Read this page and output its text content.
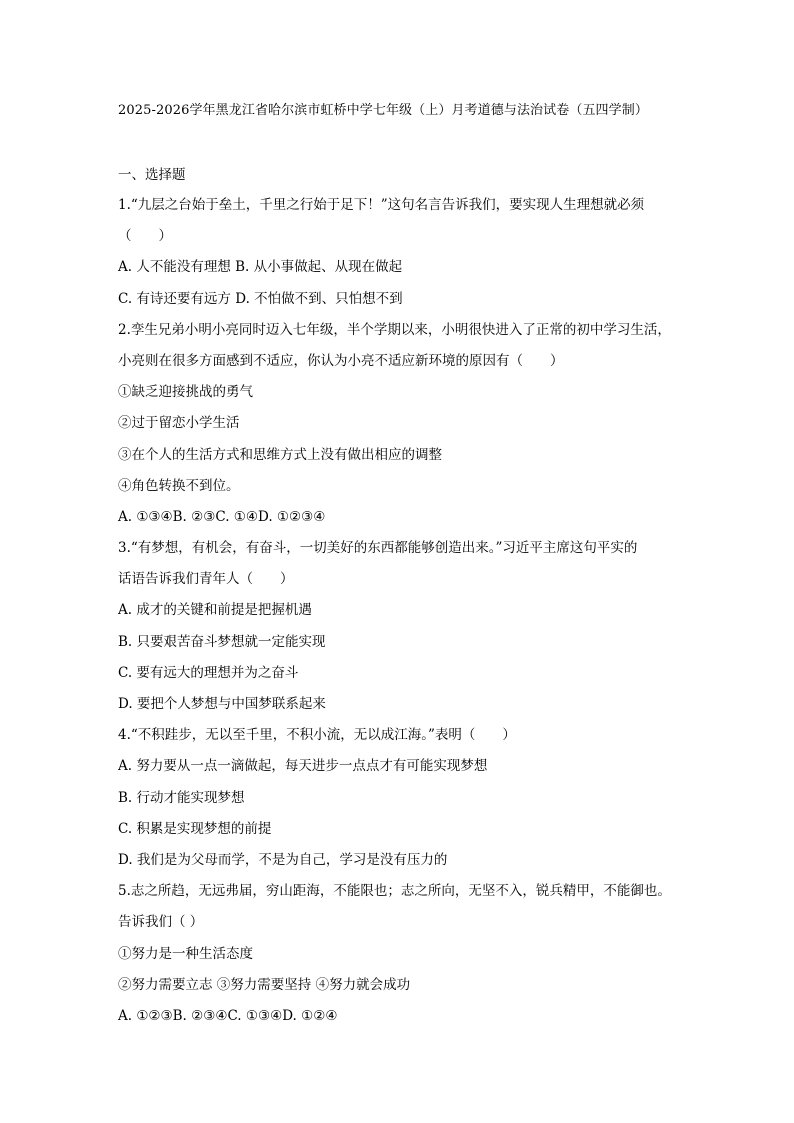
2025-2026学年黑龙江省哈尔滨市虹桥中学七年级（上）月考道德与法治试卷（五四学制）
一、选择题
1.“九层之台始于垒土，千里之行始于足下！”这句名言告诉我们，要实现人生理想就必须
（　　）
A. 人不能没有理想 B. 从小事做起、从现在做起
C. 有诗还要有远方 D. 不怕做不到、只怕想不到
2.孪生兄弟小明小亮同时迈入七年级，半个学期以来，小明很快进入了正常的初中学习生活，
小亮则在很多方面感到不适应，你认为小亮不适应新环境的原因有（　　）
①缺乏迎接挑战的勇气
②过于留恋小学生活
③在个人的生活方式和思维方式上没有做出相应的调整
④角色转换不到位。
A. ①③④B. ②③C. ①④D. ①②③④
3.“有梦想，有机会，有奋斗，一切美好的东西都能够创造出来。”习近平主席这句平实的
话语告诉我们青年人（　　）
A. 成才的关键和前提是把握机遇
B. 只要艰苦奋斗梦想就一定能实现
C. 要有远大的理想并为之奋斗
D. 要把个人梦想与中国梦联系起来
4.“不积跬步，无以至千里，不积小流，无以成江海。”表明（　　）
A. 努力要从一点一滴做起，每天进步一点点才有可能实现梦想
B. 行动才能实现梦想
C. 积累是实现梦想的前提
D. 我们是为父母而学，不是为自己，学习是没有压力的
5.志之所趋，无远弗届，穷山距海，不能限也；志之所向，无坚不入，锐兵精甲，不能御也。
告诉我们（ ）
①努力是一种生活态度
②努力需要立志 ③努力需要坚持 ④努力就会成功
A. ①②③B. ②③④C. ①③④D. ①②④
